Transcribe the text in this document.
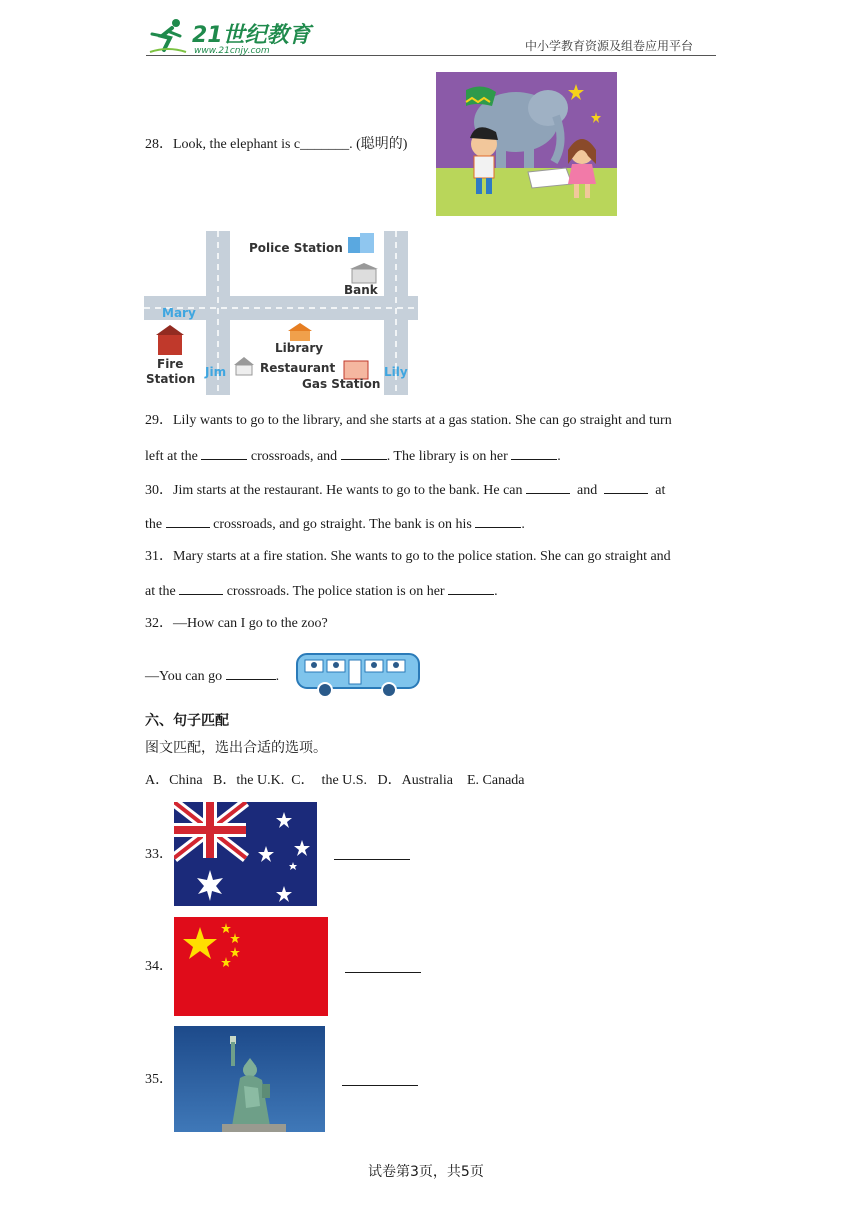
21世纪教育
www.21cnjy.com	中小学教育资源及组卷应用平台
28．Look, the elephant is c_______. (聪明的)
Police Station
Bank
Mary
Library
Fire
Station Jim	Restaurant
Gas Station
Lily
29．Lily wants to go to the library, and she starts at a gas station. She can go straight and turn
left at the	crossroads, and	. The library is on her	.
30．Jim starts at the restaurant. He wants to go to the bank. He can	and	at
the	crossroads, and go straight. The bank is on his	.
31．Mary starts at a fire station. She wants to go to the police station. She can go straight and
at the	crossroads. The police station is on her	.
32．—How can I go to the zoo?
—You can go	.
六、句子匹配
图文匹配，选出合适的选项。
A．China   B．the U.K.  C．  the U.S.   D．Australia    E. Canada
33．
34．
35．
试卷第3页，共5页
